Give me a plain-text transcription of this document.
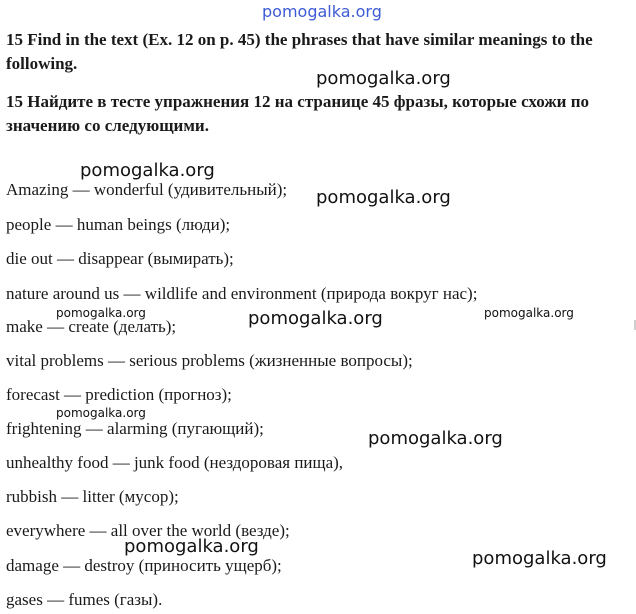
pomogalka.org
15 Find in the text (Ex. 12 on p. 45) the phrases that have similar meanings to the following.
15 Найдите в тесте упражнения 12 на странице 45 фразы, которые схожи по значению со следующими.
Amazing — wonderful (удивительный);
people — human beings (люди);
die out — disappear (вымирать);
nature around us — wildlife and environment (природа вокруг нас);
make — create (делать);
vital problems — serious problems (жизненные вопросы);
forecast — prediction (прогноз);
frightening — alarming (пугающий);
unhealthy food — junk food (нездоровая пища),
rubbish — litter (мусор);
everywhere — all over the world (везде);
damage — destroy (приносить ущерб);
gases — fumes (газы).
pomogalka.org
pomogalka.org
pomogalka.org
pomogalka.org	pomogalka.org	pomogalka.org
pomogalka.org
pomogalka.org
pomogalka.org
pomogalka.org
